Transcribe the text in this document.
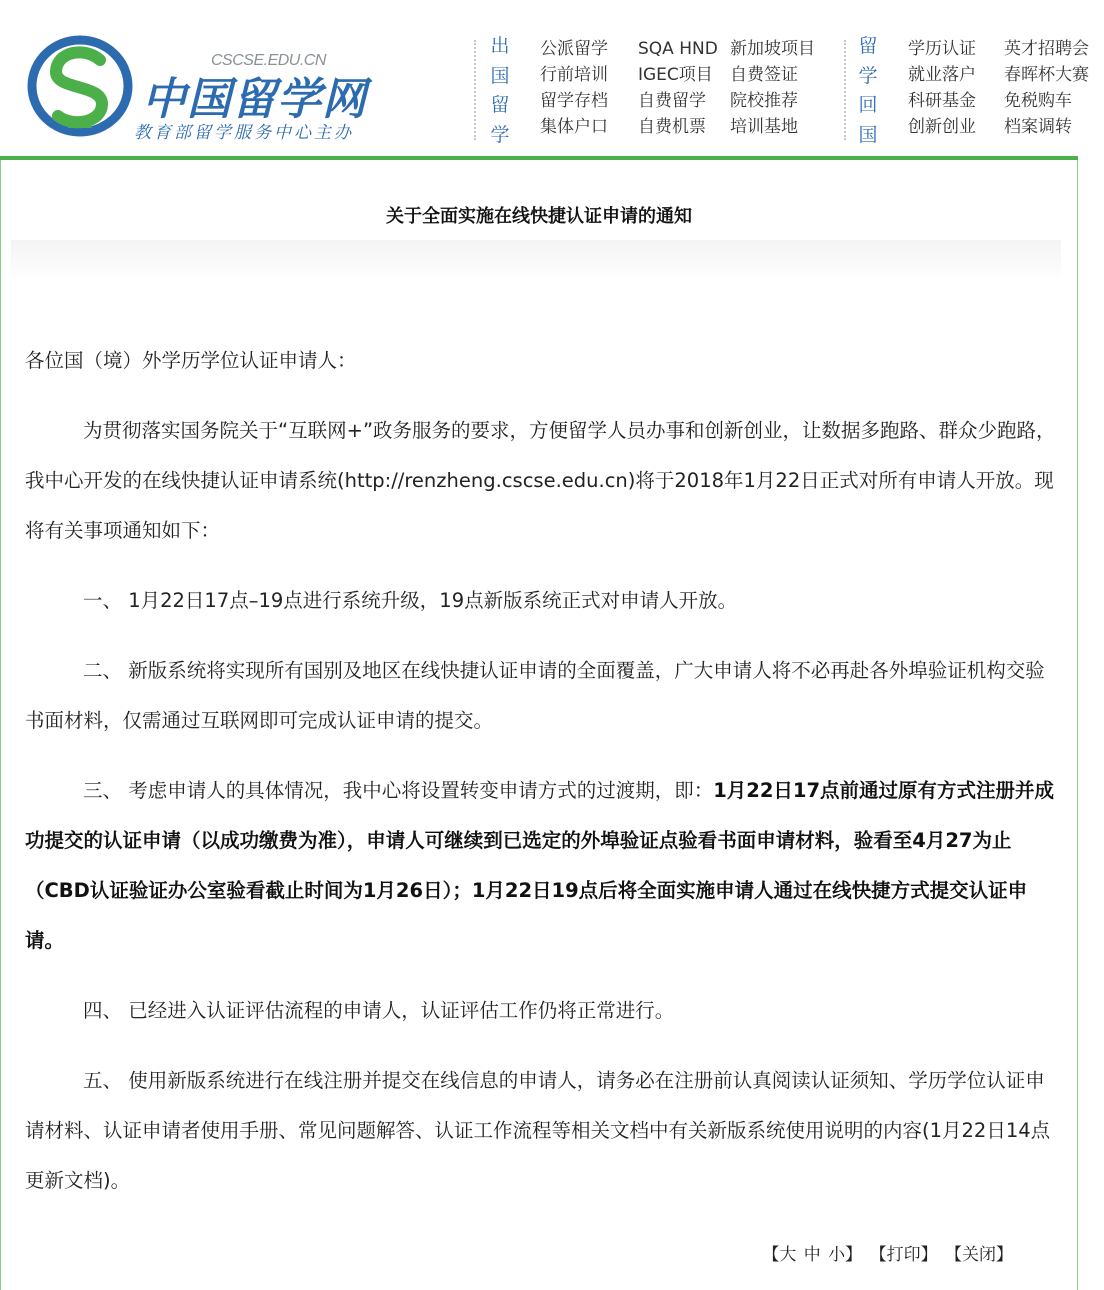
CSCSE.EDU.CN
中国留学网
教育部留学服务中心主办
出
国
留
学
公派留学	SQA HND 新加坡项目
行前培训	IGEC项目 自费签证
留学存档	自费留学	院校推荐
集体户口	自费机票	培训基地
留
学
回
国
学历认证	英才招聘会
就业落户	春晖杯大赛
科研基金	免税购车
创新创业	档案调转
关于全面实施在线快捷认证申请的通知

各位国（境）外学历学位认证申请人：

为贯彻落实国务院关于“互联网+”政务服务的要求，方便留学人员办事和创新创业，让数据多跑路、群众少跑路，我中心开发的在线快捷认证申请系统(http://renzheng.cscse.edu.cn)将于2018年1月22日正式对所有申请人开放。现将有关事项通知如下：

一、 1月22日17点–19点进行系统升级，19点新版系统正式对申请人开放。

二、 新版系统将实现所有国别及地区在线快捷认证申请的全面覆盖，广大申请人将不必再赴各外埠验证机构交验书面材料，仅需通过互联网即可完成认证申请的提交。

三、 考虑申请人的具体情况，我中心将设置转变申请方式的过渡期，即：1月22日17点前通过原有方式注册并成功提交的认证申请（以成功缴费为准），申请人可继续到已选定的外埠验证点验看书面申请材料，验看至4月27为止（CBD认证验证办公室验看截止时间为1月26日）；1月22日19点后将全面实施申请人通过在线快捷方式提交认证申请。

四、 已经进入认证评估流程的申请人，认证评估工作仍将正常进行。

五、 使用新版系统进行在线注册并提交在线信息的申请人，请务必在注册前认真阅读认证须知、学历学位认证申请材料、认证申请者使用手册、常见问题解答、认证工作流程等相关文档中有关新版系统使用说明的内容(1月22日14点更新文档)。

【大 中 小】 【打印】 【关闭】
